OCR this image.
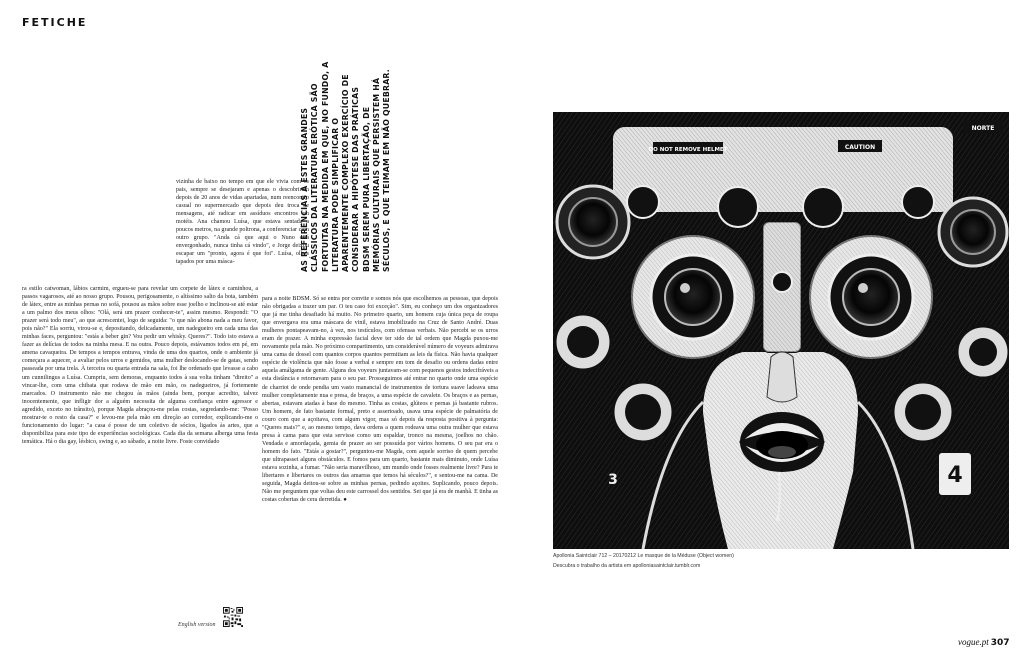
FETICHE
AS REFERÊNCIAS A ESTES GRANDES CLÁSSICOS DA LITERATURA ERÓTICA SÃO FORTUITAS NA MEDIDA EM QUE, NO FUNDO, A LITERATURA PODE SIMPLIFICAR O APARENTEMENTE COMPLEXO EXERCÍCIO DE CONSIDERAR A HIPÓTESE DAS PRÁTICAS BDSM SEREM PURA LIBERTAÇÃO, DE MEMÓRIAS CULTURAIS QUE PERSISTEM HÁ SÉCULOS, E QUE TEIMAM EM NÃO QUEBRAR.

vizinha de baixo no tempo em que ele vivia com os pais, sempre se desejaram e apenas o descobriram depois de 20 anos de vidas apartadas, num reencontro casual no supermercado que depois deu troca de mensagens, até radicar em assíduos encontros em motéis. Ana chamou Luísa, que estava sentada a poucos metros, na grande poltrona, a conferenciar com outro grupo. "Anda cá que aqui o Nuno está envergonhado, nunca tinha cá vindo", e Jorge deixou escapar um "pronto, agora é que foi". Luísa, olhos tapados por uma másca-

ra estilo catwoman, lábios carmim, ergueu-se para revelar um corpete de látex e caminhou, a passos vagarosos, até ao nosso grupo. Pousou, perigosamente, o altíssimo salto da bota, também de látex, entre as minhas pernas no sofá, pousou as mãos sobre esse joelho e inclinou-se até estar a um palmo dos meus olhos: "Olá, será um prazer conhecer-te", assim mesmo. Respondi: "O prazer será todo meu", ao que acrescentei, logo de seguida: "o que não abona nada a meu favor, pois não?" Ela sorriu, virou-se e, depositando, delicadamente, um nadegueiro em cada uma das minhas faces, perguntou: "estás a beber gin? Vou pedir um whisky. Queres?". Todo isto estava a fazer as delícias de todos na minha mesa. E na outra. Pouco depois, estávamos todos em pé, em amena cavaqueira. De tempos a tempos entrava, vinda de uma dos quartos, onde o ambiente já começara a aquecer, a avaliar pelos urros e gemidos, uma mulher deslocando-se de gatas, sendo passeada por uma trela. À terceira ou quarta entrada na sala, foi lhe ordenado que levasse a cabo um cunnilingus a Luísa. Cumpriu, sem demoras, enquanto todos à sua volta tinham "direito" a vincar-lhe, com uma chibata que rodava de mão em mão, os nadegueiros, já fortemente marcados. O instrumento não me chegou às mãos (ainda bem, porque acredito, talvez inocentemente, que infligir dor a alguém necessita de alguma confiança entre agressor e agredido, exceto no trânsito), porque Magda abraçou-me pelas costas, segredando-me: "Posso mostrar-te o resto da casa?" e levou-me pela mão em direção ao corredor, explicando-me o funcionamento do lugar: "a casa é posse de um coletivo de sócios, ligados às artes, que a disponibiliza para este tipo de experiências sociológicas. Cada dia da semana alberga uma festa temática. Há o dia gay, lésbico, swing e, ao sábado, a noite livre. Foste convidado

para a noite BDSM. Só se entra por convite e somos nós que escolhemos as pessoas, que depois não obrigadas a trazer um par. O teu caso foi exceção". Sim, eu conheço um dos organizadores que já me tinha desafiado há muito. No primeiro quarto, um homem cuja única peça de roupa que envergava era uma máscara de vinil, estava imobilizado na Cruz de Santo André. Duas mulheres pontapeavam-no, à vez, nos testículos, com ofensas verbais. Não percebi se os urros eram de prazer. A minha expressão facial deve ter sido de tal ordem que Magda puxou-me novamente pela mão. No próximo compartimento, um considerável número de voyeurs admirava uma cama de dossel com quantos corpos quantos permitiam as leis da física. Não havia qualquer espécie de violência que não fosse a verbal e sempre em tom de desafio ou ordens dadas entre aquela amálgama de gente. Alguns dos voyeurs juntavam-se com pequenos gestos indecifráveis a esta distância e retornavam para o seu par. Prosseguimos até entrar no quarto onde uma espécie de charriot de onde pendia um vasto manancial de instrumentos de tortura suave ladeava uma mulher completamente nua e presa, de braços, a uma espécie de cavalete. Os braços e as pernas, abertas, estavam atadas à base do mesmo. Tinha as costas, glúteos e pernas já bastante rubros. Um homem, de fato bastante formal, preto e assertoado, usava uma espécie de palmatória de couro com que a açoitava, com algum vigor, mas só depois da resposta positiva à pergunta: "Queres mais?" e, ao mesmo tempo, dava ordens a quem rodeava uma outra mulher que estava presa à cama para que esta servisse como um espaldar, tronco na mesma, joelhos no chão. Vendada e amordaçada, gemia de prazer ao ser possuída por vários homens. O seu par era o homem do fato. "Estás a gostar?", perguntou-me Magda, com aquele sorriso de quem percebe que ultrapassei alguns obstáculos. E fomos para um quarto, bastante mais diminuto, onde Luísa estava sozinha, a fumar. "Não seria maravilhoso, um mundo onde fosses realmente livre? Para te libertares e libertares os outros das amarras que temos há séculos?", e sentou-me na cama. De seguida, Magda deitou-se sobre as minhas pernas, pedindo açoites. Suplicando, pouco depois. Não me perguntem que voltas deu este carrossel dos sentidos. Sei que já era de manhã. E tinha as costas cobertas de cera derretida. ●

English version
DO NOT REMOVE HELMET	CAUTION
NORTE
4
3
Apollonia Saintclair 712 – 20170212 Le masque de la Méduse (Object women)
Descubra o trabalho da artista em apolloniasaintclair.tumblr.com
vogue.pt 307
